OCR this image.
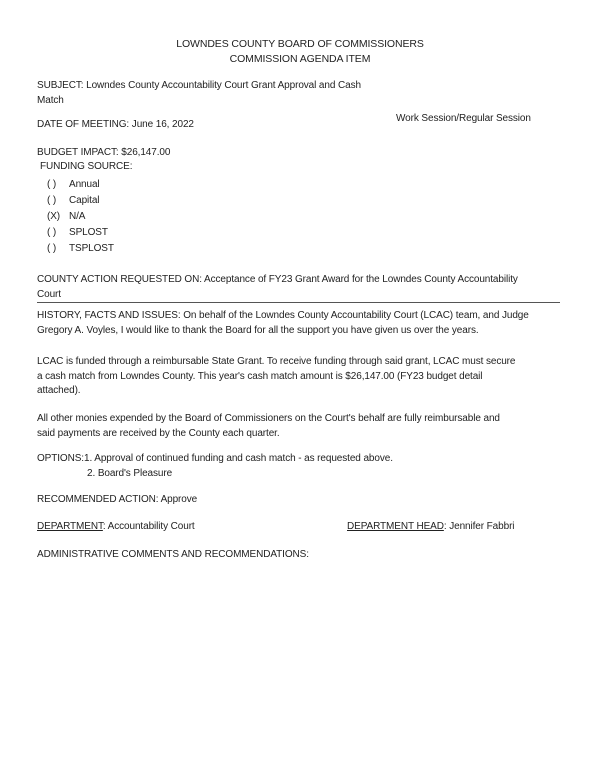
LOWNDES COUNTY BOARD OF COMMISSIONERS
COMMISSION AGENDA ITEM
SUBJECT: Lowndes County Accountability Court Grant Approval and Cash
Match
DATE OF MEETING: June 16, 2022
Work Session/Regular Session
BUDGET IMPACT: $26,147.00
FUNDING SOURCE:
( ) Annual
( ) Capital
(X) N/A
( ) SPLOST
( ) TSPLOST
COUNTY ACTION REQUESTED ON: Acceptance of FY23 Grant Award for the Lowndes County Accountability
Court
HISTORY, FACTS AND ISSUES: On behalf of the Lowndes County Accountability Court (LCAC) team, and Judge
Gregory A. Voyles, I would like to thank the Board for all the support you have given us over the years.
LCAC is funded through a reimbursable State Grant. To receive funding through said grant, LCAC must secure
a cash match from Lowndes County. This year's cash match amount is $26,147.00 (FY23 budget detail
attached).
All other monies expended by the Board of Commissioners on the Court's behalf are fully reimbursable and
said payments are received by the County each quarter.
OPTIONS: 1. Approval of continued funding and cash match - as requested above.
2. Board's Pleasure
RECOMMENDED ACTION: Approve
DEPARTMENT: Accountability Court	DEPARTMENT HEAD: Jennifer Fabbri
ADMINISTRATIVE COMMENTS AND RECOMMENDATIONS:
